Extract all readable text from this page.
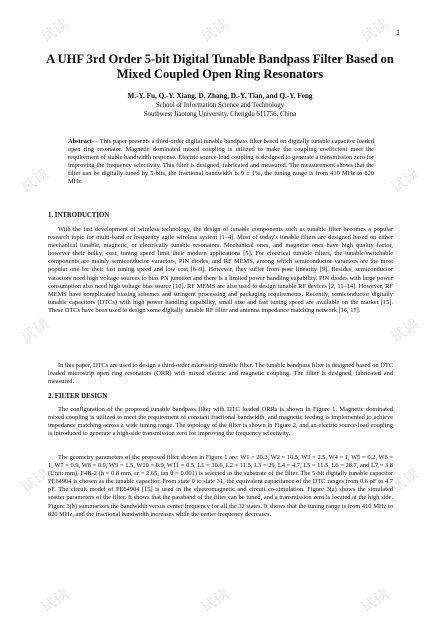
试读	试读	试读
试读	试读
试读	试读
试读	试读
试读	试读	试读
1
A UHF 3rd Order 5-bit Digital Tunable Bandpass Filter Based on Mixed Coupled Open Ring Resonators
M.-Y. Fu, Q.-Y. Xiang, D. Zhang, D.-Y. Tian, and Q.-Y. Feng
School of Information Science and Technology
Southwest Jiaotong University, Chengdu 611756, China
Abstract— This paper presents a third-order digital tunable bandpass filter based on digitally tunable capacitor loaded open ring resonator. Magnetic dominated mixed coupling is utilized to make the coupling coefficient meet the requirement of stable bandwidth response. Electric source-load coupling is designed to generate a transmission zero for improving the frequency selectivity. This filter is designed, fabricated and measured. The measurement shows that the filter can be digitally tuned by 5-bits, the fractional bandwidth is 9 ± 1%, the tuning range is from 410 MHz to 820 MHz.
1. INTRODUCTION

With the fast development of wireless technology, the design of tunable components such as tunable filter becomes a popular research topic for multi-band or frequency agile wireless system [1–4]. Most of today's tunable filters are designed based on either mechanical tunable, magnetic, or electrically tunable resonators. Mechanical ones, and magnetic ones have high quality factor, however their bulky, cost, tuning speed limit their modern applications [5]. For electrical tunable filters, the tunable/switchable components are mainly semiconductor varactors, PIN diodes, and RF MEMS, among which semiconductor varactors are the most popular one for their fast tuning speed and low cost [6–9]. However, they suffer from poor linearity [9]. Besides, semiconductor varactors need high voltage sources to bias PN junction and there is a limited power handling capability. PIN diodes with large power consumption also need high voltage bias source [10]. RF MEMS are also used to design tunable RF devices [2, 11–14]. However, RF MEMS have complicated biasing schemes and stringent processing and packaging requirements. Recently, semiconductor digitally tunable capacitors (DTCs) with high power handling capability, small size and fast tuning speed are available on the market [15]. These DTCs have been used to design some digitally tunable RF filter and antenna impedance matching network [16, 17].

In this paper, DTCs are used to design a third-order microstrip tunable filter. The tunable bandpass filter is designed based on DTC loaded microstrip open ring resonators (ORR) with mixed electric and magnetic coupling. The filter is designed, fabricated and measured.

2. FILTER DESIGN

The configuration of the proposed tunable bandpass filter with DTC loaded ORRs is shown in Figure 1. Magnetic dominated mixed coupling is utilized to meet the requirement of constant fractional bandwidth, and magnetic feeding is implemented to achieve impedance matching across a wide tuning range. The topology of the filter is shown in Figure 2, and an electric source-load coupling is introduced to generate a high-side transmission zero for improving the frequency selectivity.

The geometry parameters of the proposed filter shown in Figure 1 are: W1 = 20.3, W2 = 10.5, W3 = 2.5, W4 = 1, W5 = 0.2, W6 = 1, W7 = 0.9, W8 = 0.9, W9 = 1.5, W10 = 0.9, W11 = 0.5, L1 = 30.6, L2 = 11.5, L3 = 29, L4 = 4.7, L5 = 11.5, L6 = 28.7, and L7 = 3.8 (Unit: mm). F4B-2 (h = 0.8 mm, εr = 2.65, tan θ = 0.001) is selected as the substrate of the filter. The 5-bit digitally tunable capacitor PE64904 is chosen as the tunable capacitor. From state 0 to state 31, the equivalent capacitance of the DTC ranges from 0.6 pF to 4.7 pF. The circuit model of PE64904 [15] is used in the electromagnetic and circuit co-simulation. Figure 3(a) shows the simulated scatter parameters of the filter. It shows that the passband of the filter can be tuned, and a transmission zero is located at the high side. Figure 3(b) summarizes the bandwidth versus center frequency for all the 32 states. It shows that the tuning range is from 410 MHz to 820 MHz, and the fractional bandwidth increases while the center frequency decreases.
